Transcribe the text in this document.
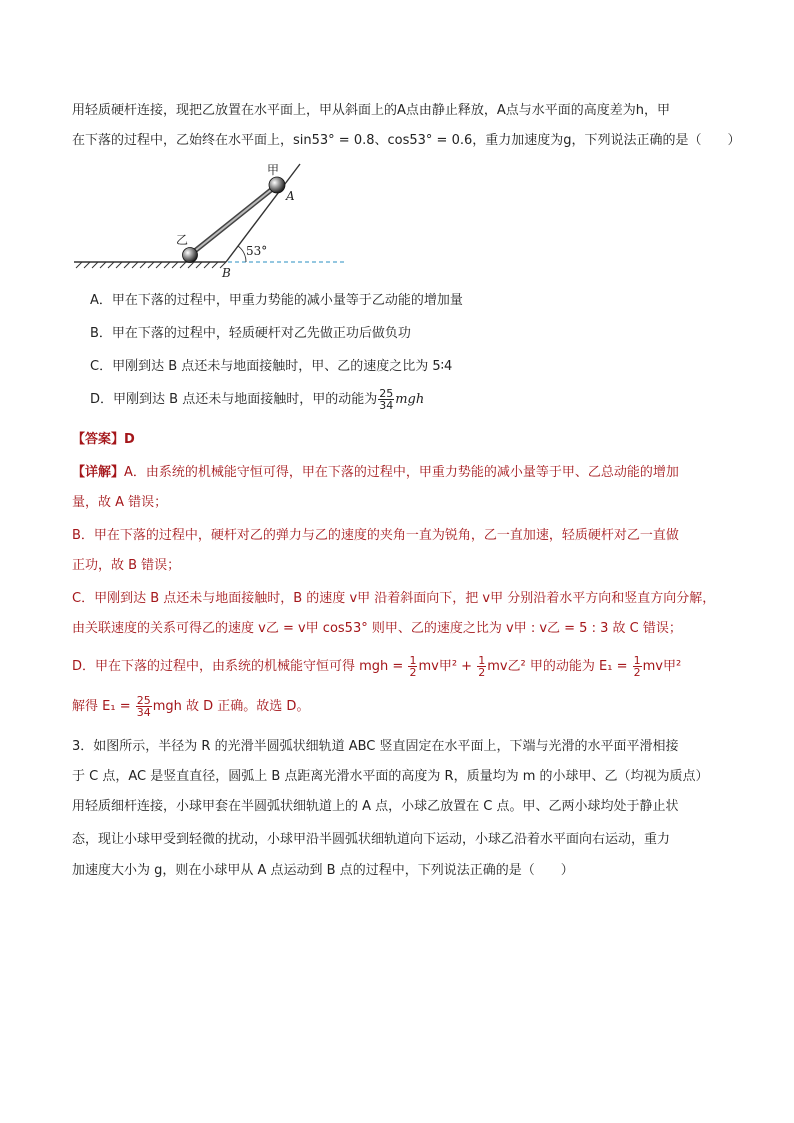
用轻质硬杆连接，现把乙放置在水平面上，甲从斜面上的A点由静止释放，A点与水平面的高度差为h，甲
在下落的过程中，乙始终在水平面上，sin53° = 0.8、cos53° = 0.6，重力加速度为g，下列说法正确的是（　　）
甲
A
乙
53°
B
A．甲在下落的过程中，甲重力势能的减小量等于乙动能的增加量
B．甲在下落的过程中，轻质硬杆对乙先做正功后做负功
C．甲刚到达 B 点还未与地面接触时，甲、乙的速度之比为 5∶4
D．甲刚到达 B 点还未与地面接触时，甲的动能为 $\frac{25}{34}$ mgh
【答案】D
【详解】A．由系统的机械能守恒可得，甲在下落的过程中，甲重力势能的减小量等于甲、乙总动能的增加
量，故 A 错误；
B．甲在下落的过程中，硬杆对乙的弹力与乙的速度的夹角一直为锐角，乙一直加速，轻质硬杆对乙一直做
正功，故 B 错误；
C．甲刚到达 B 点还未与地面接触时，B 的速度 v甲 沿着斜面向下，把 v甲 分别沿着水平方向和竖直方向分解，
由关联速度的关系可得乙的速度 v乙 = v甲 cos53° 则甲、乙的速度之比为 v甲 : v乙 = 5 : 3 故 C 错误；
D．甲在下落的过程中，由系统的机械能守恒可得 mgh = $\frac{1}{2}$ mv甲$^2 + \frac{1}{2}$ mv乙² 甲的动能为 $E_1 = \frac{1}{2}$ mv甲²
解得 $E_1 = \frac{25}{34}$ mgh 故 D 正确。故选 D。
3．如图所示，半径为 R 的光滑半圆弧状细轨道 ABC 竖直固定在水平面上，下端与光滑的水平面平滑相接
于 C 点，AC 是竖直直径，圆弧上 B 点距离光滑水平面的高度为 R，质量均为 m 的小球甲、乙（均视为质点）
用轻质细杆连接，小球甲套在半圆弧状细轨道上的 A 点，小球乙放置在 C 点。甲、乙两小球均处于静止状
态，现让小球甲受到轻微的扰动，小球甲沿半圆弧状细轨道向下运动，小球乙沿着水平面向右运动，重力
加速度大小为 g，则在小球甲从 A 点运动到 B 点的过程中，下列说法正确的是（　　）
